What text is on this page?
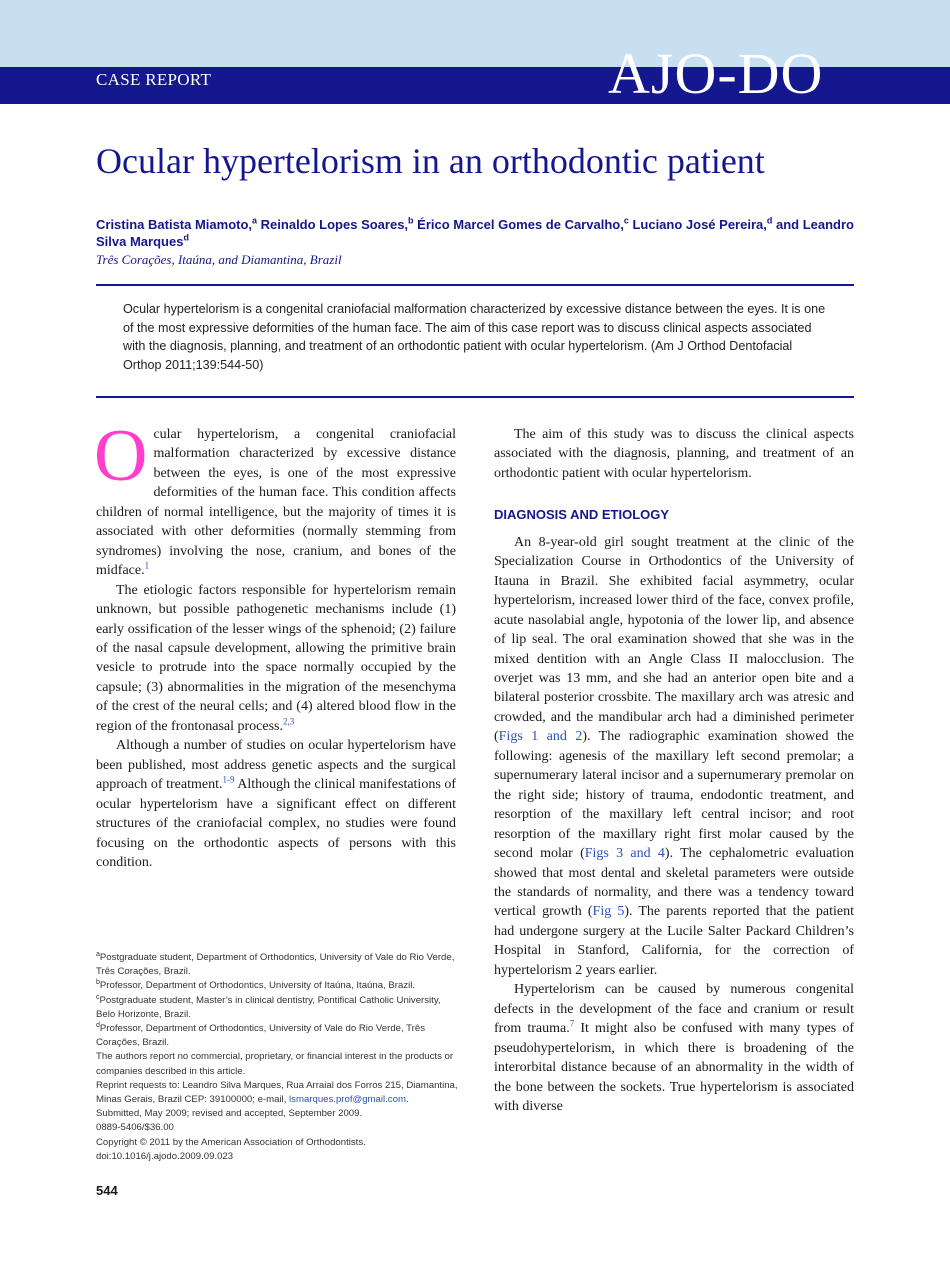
CASE REPORT	AJO-DO
Ocular hypertelorism in an orthodontic patient
Cristina Batista Miamoto,$^a$ Reinaldo Lopes Soares,$^b$ Érico Marcel Gomes de Carvalho,$^c$ Luciano José Pereira,$^d$ and Leandro Silva Marques$^d$
Três Corações, Itaúna, and Diamantina, Brazil
Ocular hypertelorism is a congenital craniofacial malformation characterized by excessive distance between the eyes. It is one of the most expressive deformities of the human face. The aim of this case report was to discuss clinical aspects associated with the diagnosis, planning, and treatment of an orthodontic patient with ocular hypertelorism. (Am J Orthod Dentofacial Orthop 2011;139:544-50)

Ocular hypertelorism, a congenital craniofacial malformation characterized by excessive distance between the eyes, is one of the most expressive deformities of the human face. This condition affects children of normal intelligence, but the majority of times it is associated with other deformities (normally stemming from syndromes) involving the nose, cranium, and bones of the midface.$^1$

The etiologic factors responsible for hypertelorism remain unknown, but possible pathogenetic mechanisms include (1) early ossification of the lesser wings of the sphenoid; (2) failure of the nasal capsule development, allowing the primitive brain vesicle to protrude into the space normally occupied by the capsule; (3) abnormalities in the migration of the mesenchyma of the crest of the neural cells; and (4) altered blood flow in the region of the frontonasal process.$^{2,3}$

Although a number of studies on ocular hypertelorism have been published, most address genetic aspects and the surgical approach of treatment.$^{1-9}$ Although the clinical manifestations of ocular hypertelorism have a significant effect on different structures of the craniofacial complex, no studies were found focusing on the orthodontic aspects of persons with this condition.

The aim of this study was to discuss the clinical aspects associated with the diagnosis, planning, and treatment of an orthodontic patient with ocular hypertelorism.

DIAGNOSIS AND ETIOLOGY

An 8-year-old girl sought treatment at the clinic of the Specialization Course in Orthodontics of the University of Itauna in Brazil. She exhibited facial asymmetry, ocular hypertelorism, increased lower third of the face, convex profile, acute nasolabial angle, hypotonia of the lower lip, and absence of lip seal. The oral examination showed that she was in the mixed dentition with an Angle Class II malocclusion. The overjet was 13 mm, and she had an anterior open bite and a bilateral posterior crossbite. The maxillary arch was atresic and crowded, and the mandibular arch had a diminished perimeter (Figs 1 and 2). The radiographic examination showed the following: agenesis of the maxillary left second premolar; a supernumerary lateral incisor and a supernumerary premolar on the right side; history of trauma, endodontic treatment, and resorption of the maxillary left central incisor; and root resorption of the maxillary right first molar caused by the second molar (Figs 3 and 4). The cephalometric evaluation showed that most dental and skeletal parameters were outside the standards of normality, and there was a tendency toward vertical growth (Fig 5). The parents reported that the patient had undergone surgery at the Lucile Salter Packard Children’s Hospital in Stanford, California, for the correction of hypertelorism 2 years earlier.

Hypertelorism can be caused by numerous congenital defects in the development of the face and cranium or result from trauma.$^7$ It might also be confused with many types of pseudohypertelorism, in which there is broadening of the interorbital distance because of an abnormality in the width of the bone between the sockets. True hypertelorism is associated with diverse

$^a$Postgraduate student, Department of Orthodontics, University of Vale do Rio Verde, Três Corações, Brazil.
$^b$Professor, Department of Orthodontics, University of Itaúna, Itaúna, Brazil.
$^c$Postgraduate student, Master’s in clinical dentistry, Pontifical Catholic University, Belo Horizonte, Brazil.
$^d$Professor, Department of Orthodontics, University of Vale do Rio Verde, Três Corações, Brazil.
The authors report no commercial, proprietary, or financial interest in the products or companies described in this article.
Reprint requests to: Leandro Silva Marques, Rua Arraial dos Forros 215, Diamantina, Minas Gerais, Brazil CEP: 39100000; e-mail, lsmarques.prof@gmail.com.
Submitted, May 2009; revised and accepted, September 2009.
0889-5406/$36.00
Copyright © 2011 by the American Association of Orthodontists.
doi:10.1016/j.ajodo.2009.09.023
544
